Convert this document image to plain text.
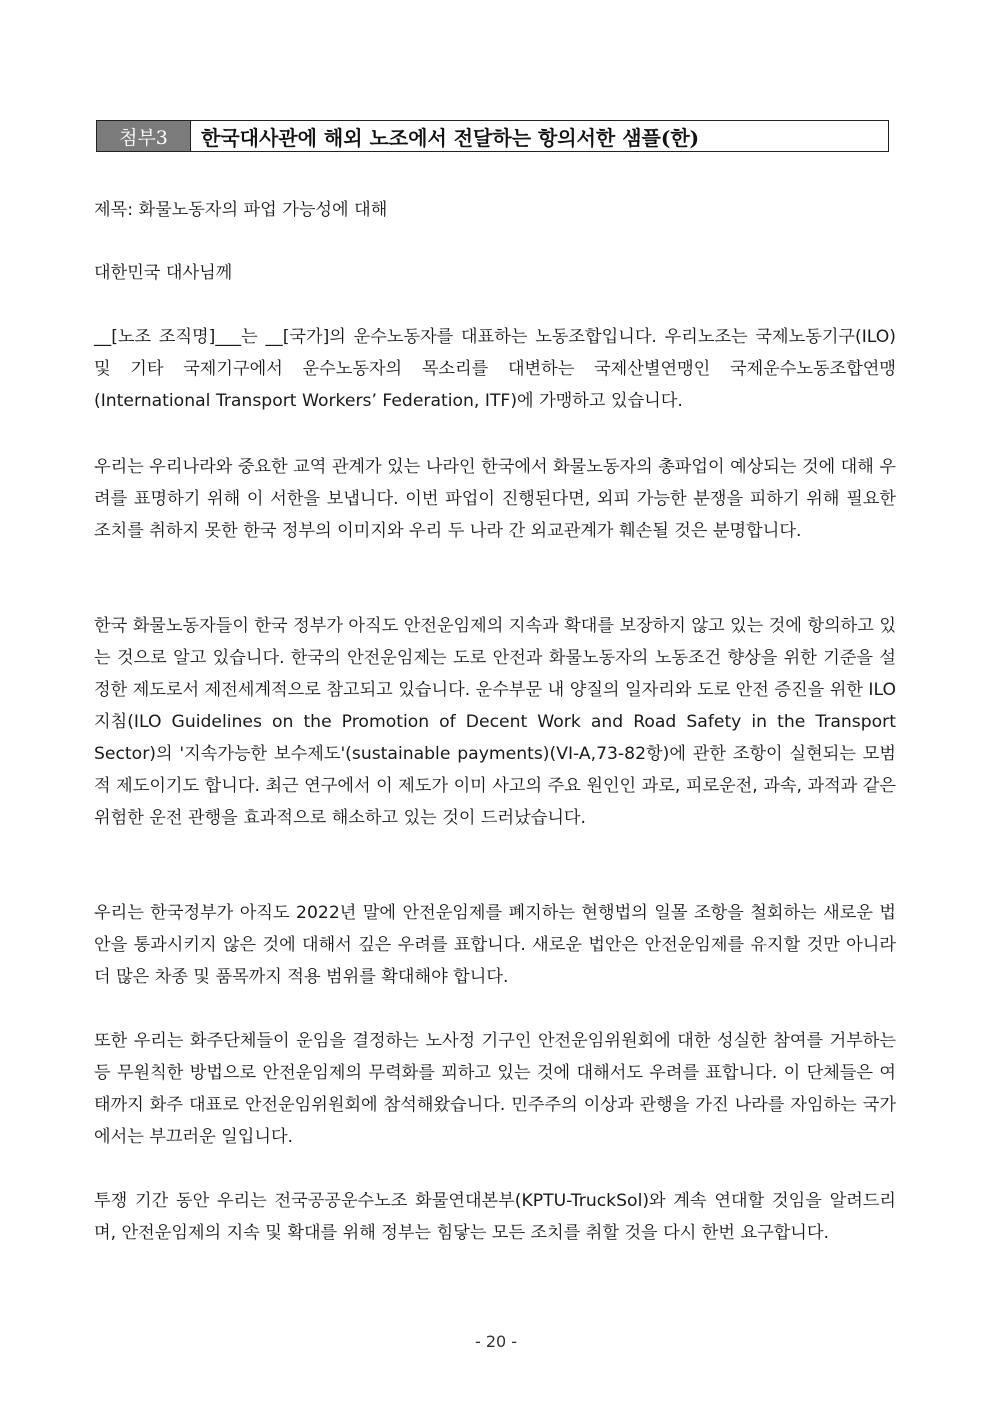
첨부3	한국대사관에 해외 노조에서 전달하는 항의서한 샘플(한)
제목: 화물노동자의 파업 가능성에 대해
대한민국 대사님께

__[노조 조직명]___는 __[국가]의 운수노동자를 대표하는 노동조합입니다. 우리노조는 국제노동기구(ILO) 및 기타 국제기구에서 운수노동자의 목소리를 대변하는 국제산별연맹인 국제운수노동조합연맹(International Transport Workers’ Federation, ITF)에 가맹하고 있습니다.

우리는 우리나라와 중요한 교역 관계가 있는 나라인 한국에서 화물노동자의 총파업이 예상되는 것에 대해 우려를 표명하기 위해 이 서한을 보냅니다. 이번 파업이 진행된다면, 외피 가능한 분쟁을 피하기 위해 필요한 조치를 취하지 못한 한국 정부의 이미지와 우리 두 나라 간 외교관계가 훼손될 것은 분명합니다.

한국 화물노동자들이 한국 정부가 아직도 안전운임제의 지속과 확대를 보장하지 않고 있는 것에 항의하고 있는 것으로 알고 있습니다. 한국의 안전운임제는 도로 안전과 화물노동자의 노동조건 향상을 위한 기준을 설정한 제도로서 제전세계적으로 참고되고 있습니다. 운수부문 내 양질의 일자리와 도로 안전 증진을 위한 ILO 지침(ILO Guidelines on the Promotion of Decent Work and Road Safety in the Transport Sector)의 '지속가능한 보수제도'(sustainable payments)(VI-A,73-82항)에 관한 조항이 실현되는 모범적 제도이기도 합니다. 최근 연구에서 이 제도가 이미 사고의 주요 원인인 과로, 피로운전, 과속, 과적과 같은 위험한 운전 관행을 효과적으로 해소하고 있는 것이 드러났습니다.

우리는 한국정부가 아직도 2022년 말에 안전운임제를 폐지하는 현행법의 일몰 조항을 철회하는 새로운 법안을 통과시키지 않은 것에 대해서 깊은 우려를 표합니다. 새로운 법안은 안전운임제를 유지할 것만 아니라 더 많은 차종 및 품목까지 적용 범위를 확대해야 합니다.

또한 우리는 화주단체들이 운임을 결정하는 노사정 기구인 안전운임위원회에 대한 성실한 참여를 거부하는 등 무원칙한 방법으로 안전운임제의 무력화를 꾀하고 있는 것에 대해서도 우려를 표합니다. 이 단체들은 여태까지 화주 대표로 안전운임위원회에 참석해왔습니다. 민주주의 이상과 관행을 가진 나라를 자임하는 국가에서는 부끄러운 일입니다.

투쟁 기간 동안 우리는 전국공공운수노조 화물연대본부(KPTU-TruckSol)와 계속 연대할 것임을 알려드리며, 안전운임제의 지속 및 확대를 위해 정부는 힘닿는 모든 조치를 취할 것을 다시 한번 요구합니다.

- 20 -
